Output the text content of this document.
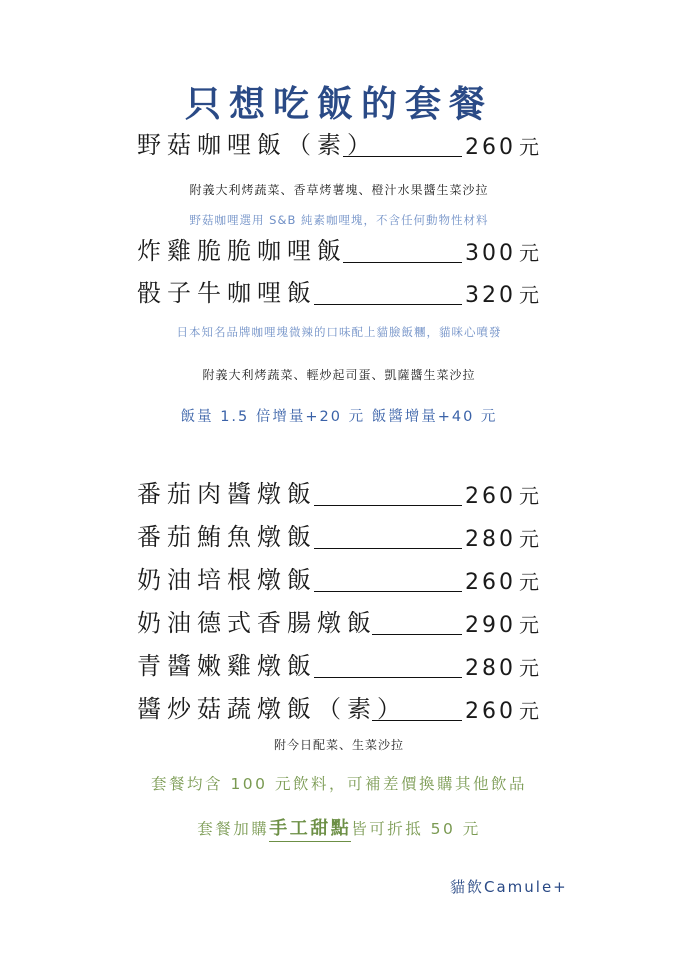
只想吃飯的套餐
野菇咖哩飯（素）	260 元
附義大利烤蔬菜、香草烤薯塊、橙汁水果醬生菜沙拉
野菇咖哩選用 S&B 純素咖哩塊，不含任何動物性材料
炸雞脆脆咖哩飯	300 元
骰子牛咖哩飯	320 元
日本知名品牌咖哩塊微辣的口味配上貓臉飯糰，貓咪心噴發
附義大利烤蔬菜、輕炒起司蛋、凱薩醬生菜沙拉
飯量 1.5 倍增量+20 元 飯醬增量+40 元
番茄肉醬燉飯	260 元
番茄鮪魚燉飯	280 元
奶油培根燉飯	260 元
奶油德式香腸燉飯	290 元
青醬嫩雞燉飯	280 元
醬炒菇蔬燉飯（素）	260 元
附今日配菜、生菜沙拉
套餐均含 100 元飲料，可補差價換購其他飲品
套餐加購手工甜點皆可折抵 50 元
貓飲Camule+
